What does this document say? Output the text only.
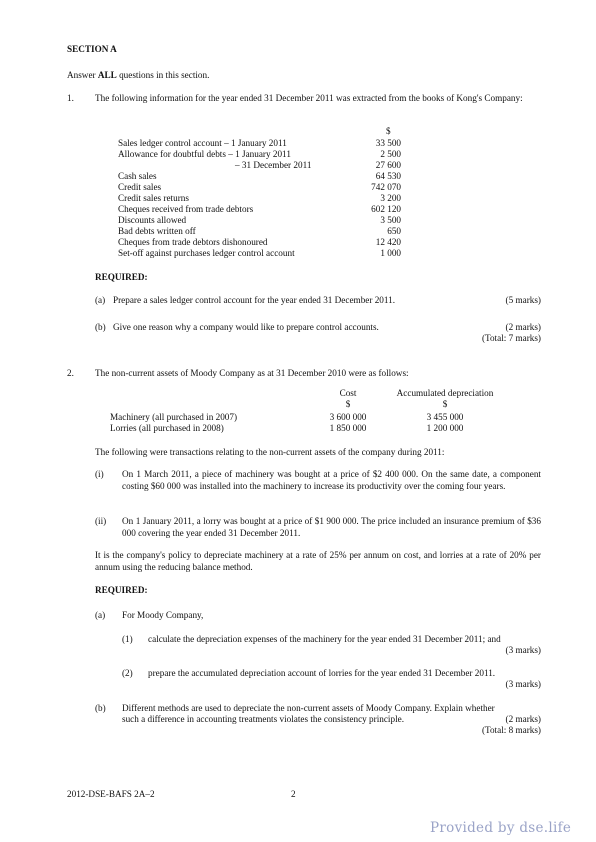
SECTION A
Answer ALL questions in this section.
1. The following information for the year ended 31 December 2011 was extracted from the books of Kong's Company:
$
Sales ledger control account – 1 January 2011	33 500
Allowance for doubtful debts – 1 January 2011	2 500
– 31 December 2011	27 600
Cash sales	64 530
Credit sales	742 070
Credit sales returns	3 200
Cheques received from trade debtors	602 120
Discounts allowed	3 500
Bad debts written off	650
Cheques from trade debtors dishonoured	12 420
Set-off against purchases ledger control account	1 000
REQUIRED:
(a) Prepare a sales ledger control account for the year ended 31 December 2011.	(5 marks)
(b) Give one reason why a company would like to prepare control accounts.	(2 marks)
(Total: 7 marks)
2. The non-current assets of Moody Company as at 31 December 2010 were as follows:
Cost	Accumulated depreciation
$	$
Machinery (all purchased in 2007)	3 600 000	3 455 000
Lorries (all purchased in 2008)	1 850 000	1 200 000
The following were transactions relating to the non-current assets of the company during 2011:
(i) On 1 March 2011, a piece of machinery was bought at a price of $2 400 000. On the same date, a component costing $60 000 was installed into the machinery to increase its productivity over the coming four years.
(ii) On 1 January 2011, a lorry was bought at a price of $1 900 000. The price included an insurance premium of $36 000 covering the year ended 31 December 2011.
It is the company's policy to depreciate machinery at a rate of 25% per annum on cost, and lorries at a rate of 20% per annum using the reducing balance method.
REQUIRED:
(a) For Moody Company,
(1) calculate the depreciation expenses of the machinery for the year ended 31 December 2011; and
(3 marks)
(2) prepare the accumulated depreciation account of lorries for the year ended 31 December 2011.
(3 marks)
(b) Different methods are used to depreciate the non-current assets of Moody Company. Explain whether
such a difference in accounting treatments violates the consistency principle.	(2 marks)
(Total: 8 marks)
2012-DSE-BAFS 2A–2	2
Provided by dse.life
